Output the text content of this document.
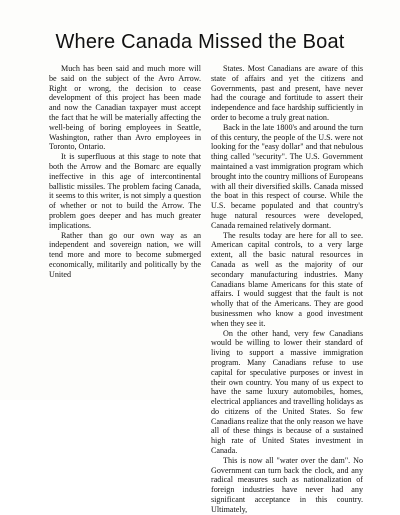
Where Canada Missed the Boat

Much has been said and much more will be said on the subject of the Avro Arrow. Right or wrong, the decision to cease development of this project has been made and now the Canadian taxpayer must accept the fact that he will be materially affecting the well-being of boring employees in Seattle, Washington, rather than Avro employees in Toronto, Ontario.

It is superfluous at this stage to note that both the Arrow and the Bomarc are equally ineffective in this age of intercontinental ballistic missiles. The problem facing Canada, it seems to this writer, is not simply a question of whether or not to build the Arrow. The problem goes deeper and has much greater implications.

Rather than go our own way as an independent and sovereign nation, we will tend more and more to become submerged economically, militarily and politically by the United

States. Most Canadians are aware of this state of affairs and yet the citizens and Governments, past and present, have never had the courage and fortitude to assert their independence and face hardship sufficiently in order to become a truly great nation.

Back in the late 1800's and around the turn of this century, the people of the U.S. were not looking for the "easy dollar" and that nebulous thing called "security". The U.S. Government maintained a vast immigration program which brought into the country millions of Europeans with all their diversified skills. Canada missed the boat in this respect of course. While the U.S. became populated and that country's huge natural resources were developed, Canada remained relatively dormant.

The results today are here for all to see. American capital controls, to a very large extent, all the basic natural resources in Canada as well as the majority of our secondary manufacturing industries. Many Canadians blame Americans for this state of affairs. I would suggest that the fault is not wholly that of the Americans. They are good businessmen who know a good investment when they see it.

On the other hand, very few Canadians would be willing to lower their standard of living to support a massive immigration program. Many Canadians refuse to use capital for speculative purposes or invest in their own country. You many of us expect to have the same luxury automobiles, homes, electrical appliances and travelling holidays as do citizens of the United States. So few Canadians realize that the only reason we have all of these things is because of a sustained high rate of United States investment in Canada.

This is now all "water over the dam". No Government can turn back the clock, and any radical measures such as nationalization of foreign industries have never had any significant acceptance in this country. Ultimately,
